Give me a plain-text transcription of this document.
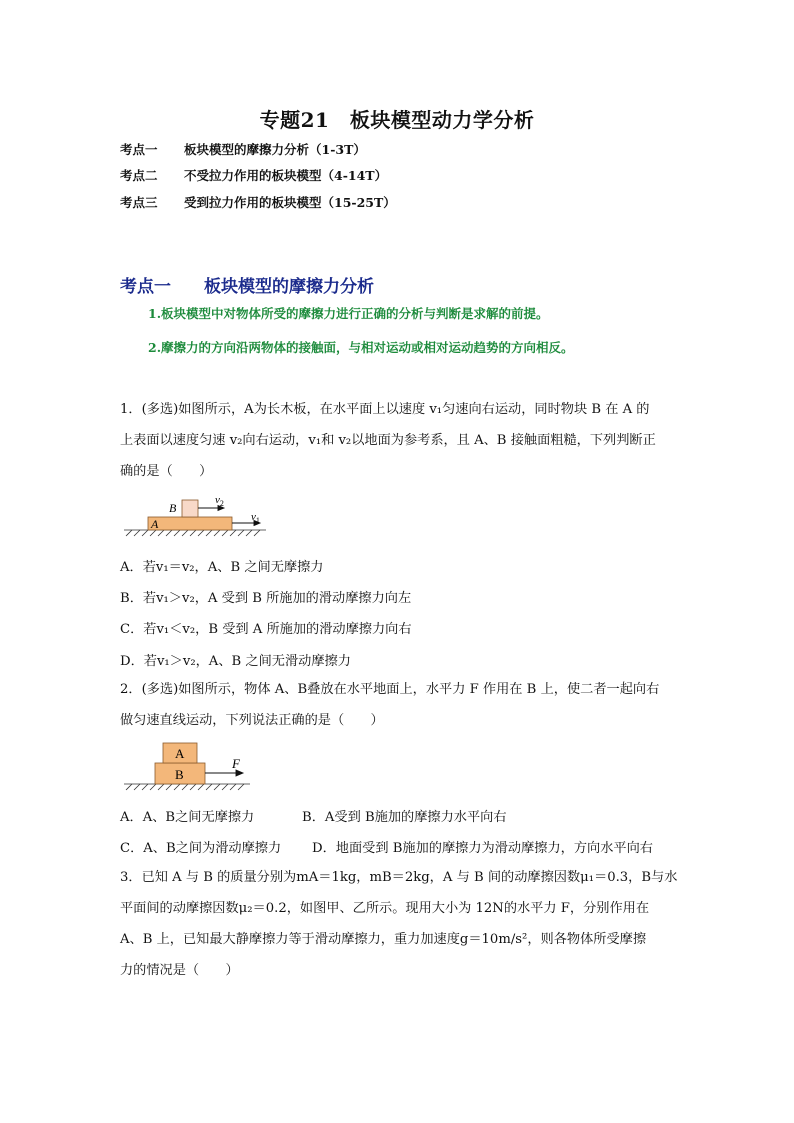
专题21　板块模型动力学分析
考点一 板块模型的摩擦力分析（1-3T）
考点二 不受拉力作用的板块模型（4-14T）
考点三 受到拉力作用的板块模型（15-25T）
考点一 板块模型的摩擦力分析
1.板块模型中对物体所受的摩擦力进行正确的分析与判断是求解的前提。
2.摩擦力的方向沿两物体的接触面，与相对运动或相对运动趋势的方向相反。
1．(多选)如图所示，A为长木板，在水平面上以速度 v₁匀速向右运动，同时物块 B 在 A 的
上表面以速度匀速 v₂向右运动，v₁和 v₂以地面为参考系，且 A、B 接触面粗糙，下列判断正
确的是（　　）
A
B
$v_2$
$v_1$
A．若v₁＝v₂，A、B 之间无摩擦力
B．若v₁＞v₂，A 受到 B 所施加的滑动摩擦力向左
C．若v₁＜v₂，B 受到 A 所施加的滑动摩擦力向右
D．若v₁＞v₂，A、B 之间无滑动摩擦力
2．(多选)如图所示，物体 A、B叠放在水平地面上，水平力 F 作用在 B 上，使二者一起向右
做匀速直线运动，下列说法正确的是（　　）
B
A
F
A．A、B之间无摩擦力	B．A受到 B施加的摩擦力水平向右
C．A、B之间为滑动摩擦力 D．地面受到 B施加的摩擦力为滑动摩擦力，方向水平向右
3．已知 A 与 B 的质量分别为mA＝1kg，mB＝2kg，A 与 B 间的动摩擦因数μ₁＝0.3，B与水
平面间的动摩擦因数μ₂＝0.2，如图甲、乙所示。现用大小为 12N的水平力 F，分别作用在
A、B 上，已知最大静摩擦力等于滑动摩擦力，重力加速度g＝10m/s²，则各物体所受摩擦
力的情况是（　　）
